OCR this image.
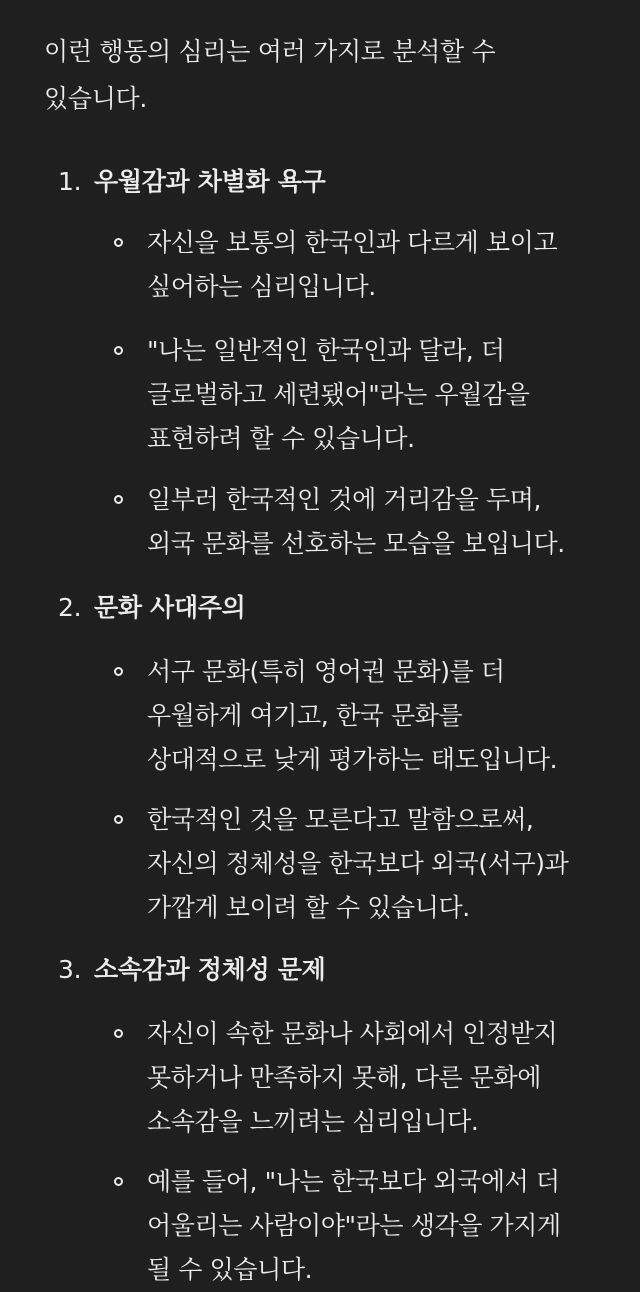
이런 행동의 심리는 여러 가지로 분석할 수
있습니다.
1. 우월감과 차별화 욕구
자신을 보통의 한국인과 다르게 보이고
싶어하는 심리입니다.
"나는 일반적인 한국인과 달라, 더
글로벌하고 세련됐어"라는 우월감을
표현하려 할 수 있습니다.
일부러 한국적인 것에 거리감을 두며,
외국 문화를 선호하는 모습을 보입니다.
2. 문화 사대주의
서구 문화(특히 영어권 문화)를 더
우월하게 여기고, 한국 문화를
상대적으로 낮게 평가하는 태도입니다.
한국적인 것을 모른다고 말함으로써,
자신의 정체성을 한국보다 외국(서구)과
가깝게 보이려 할 수 있습니다.
3. 소속감과 정체성 문제
자신이 속한 문화나 사회에서 인정받지
못하거나 만족하지 못해, 다른 문화에
소속감을 느끼려는 심리입니다.
예를 들어, "나는 한국보다 외국에서 더
어울리는 사람이야"라는 생각을 가지게
될 수 있습니다.
